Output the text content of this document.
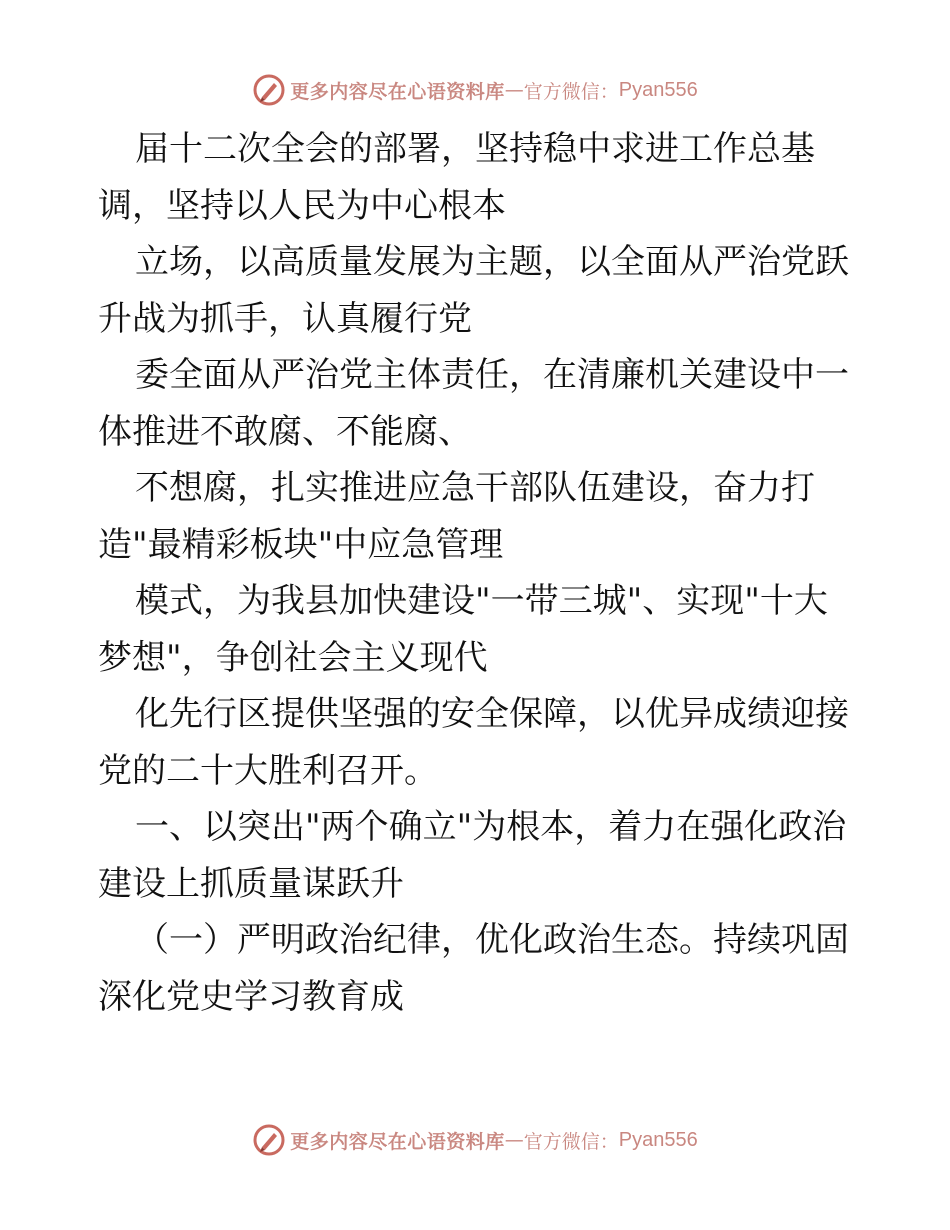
更多内容尽在心语资料库 — 官方微信： Pyan556

届十二次全会的部署，坚持稳中求进工作总基
调，坚持以人民为中心根本

立场，以高质量发展为主题，以全面从严治党跃
升战为抓手，认真履行党

委全面从严治党主体责任，在清廉机关建设中一
体推进不敢腐、不能腐、

不想腐，扎实推进应急干部队伍建设，奋力打
造"最精彩板块"中应急管理

模式，为我县加快建设"一带三城"、实现"十大
梦想"，争创社会主义现代

化先行区提供坚强的安全保障，以优异成绩迎接
党的二十大胜利召开。

一、以突出"两个确立"为根本，着力在强化政治
建设上抓质量谋跃升

（一）严明政治纪律，优化政治生态。持续巩固
深化党史学习教育成

更多内容尽在心语资料库 — 官方微信： Pyan556
